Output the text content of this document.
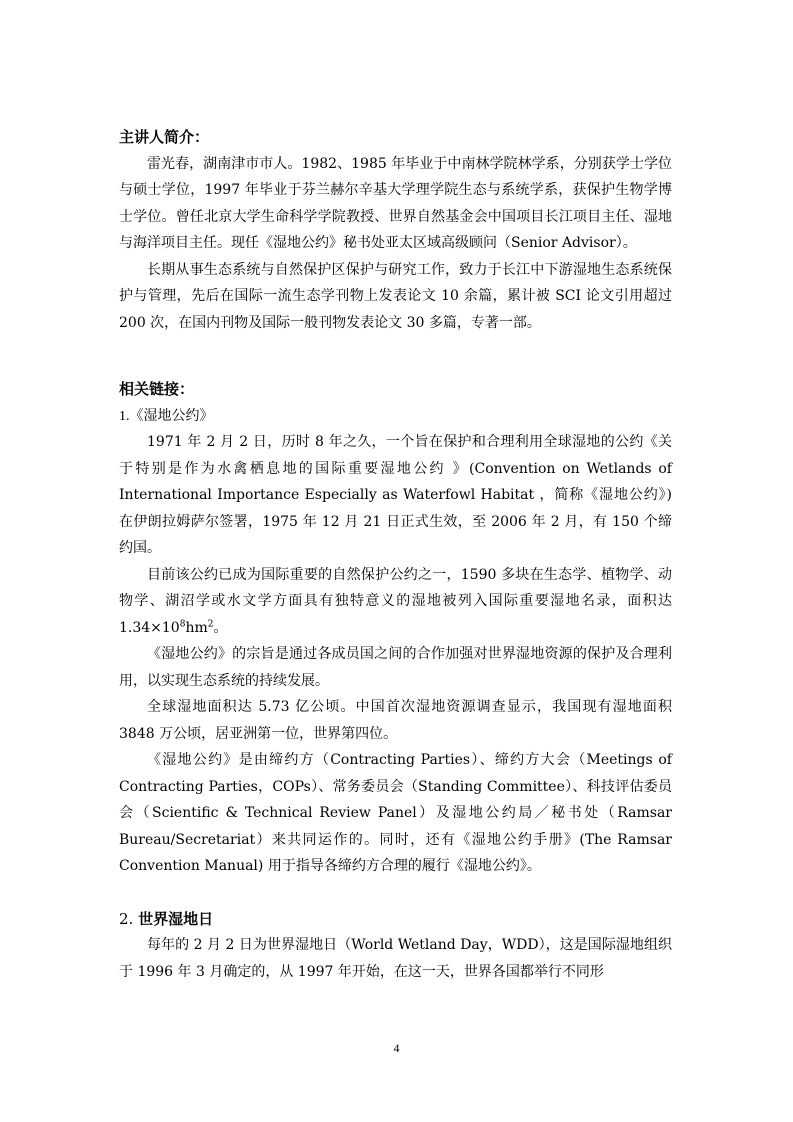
主讲人简介：

雷光春，湖南津市市人。1982、1985 年毕业于中南林学院林学系，分别获学士学位与硕士学位，1997 年毕业于芬兰赫尔辛基大学理学院生态与系统学系，获保护生物学博士学位。曾任北京大学生命科学学院教授、世界自然基金会中国项目长江项目主任、湿地与海洋项目主任。现任《湿地公约》秘书处亚太区域高级顾问（Senior Advisor）。

长期从事生态系统与自然保护区保护与研究工作，致力于长江中下游湿地生态系统保护与管理，先后在国际一流生态学刊物上发表论文 10 余篇，累计被 SCI 论文引用超过 200 次，在国内刊物及国际一般刊物发表论文 30 多篇，专著一部。

相关链接：
1.《湿地公约》

1971 年 2 月 2 日，历时 8 年之久，一个旨在保护和合理利用全球湿地的公约《关于特别是作为水禽栖息地的国际重要湿地公约 》(Convention on Wetlands of International Importance Especially as Waterfowl Habitat ，简称《湿地公约》) 在伊朗拉姆萨尔签署，1975 年 12 月 21 日正式生效，至 2006 年 2 月，有 150 个缔约国。

目前该公约已成为国际重要的自然保护公约之一，1590 多块在生态学、植物学、动物学、湖沼学或水文学方面具有独特意义的湿地被列入国际重要湿地名录，面积达 $1.34\times 10^8hm^2$。

《湿地公约》的宗旨是通过各成员国之间的合作加强对世界湿地资源的保护及合理利用，以实现生态系统的持续发展。

全球湿地面积达 5.73 亿公顷。中国首次湿地资源调查显示，我国现有湿地面积 3848 万公顷，居亚洲第一位，世界第四位。

《湿地公约》是由缔约方（Contracting Parties）、缔约方大会（Meetings of Contracting Parties，COPs）、常务委员会（Standing Committee）、科技评估委员会（Scientific & Technical Review Panel）及湿地公约局／秘书处（Ramsar Bureau/Secretariat）来共同运作的。同时，还有《湿地公约手册》(The Ramsar Convention Manual) 用于指导各缔约方合理的履行《湿地公约》。

2. 世界湿地日

每年的 2 月 2 日为世界湿地日（World Wetland Day，WDD），这是国际湿地组织于 1996 年 3 月确定的，从 1997 年开始，在这一天，世界各国都举行不同形

4
